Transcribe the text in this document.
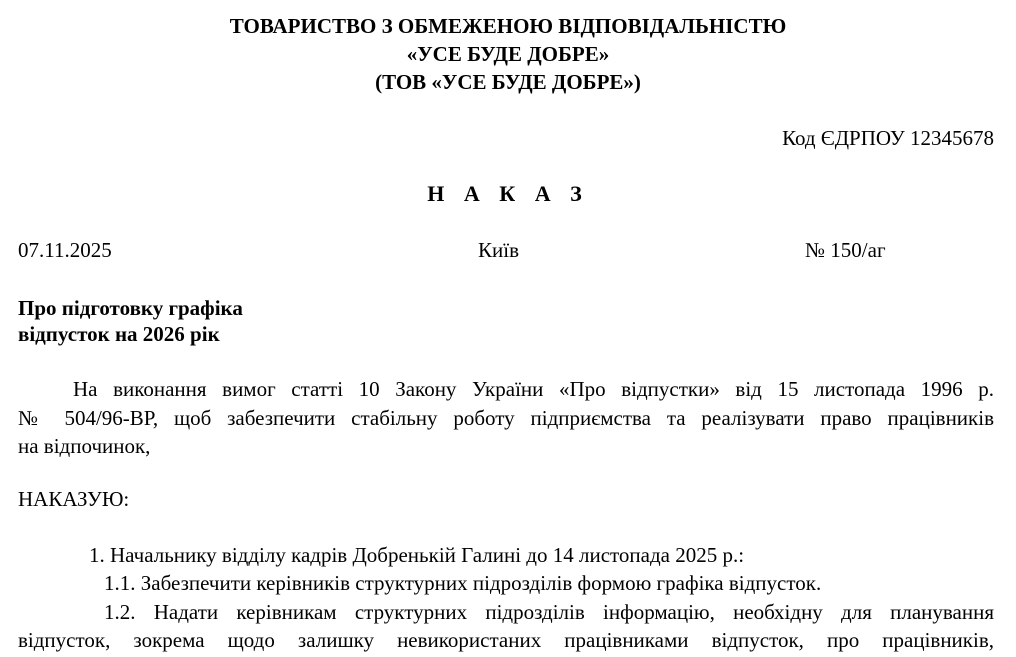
ТОВАРИСТВО З ОБМЕЖЕНОЮ ВІДПОВІДАЛЬНІСТЮ
«УСЕ БУДЕ ДОБРЕ»
(ТОВ «УСЕ БУДЕ ДОБРЕ»)
Код ЄДРПОУ 12345678
Н А К А З
07.11.2025	Київ	№ 150/аг
Про підготовку графіка
відпусток на 2026 рік
На виконання вимог статті 10 Закону України «Про відпустки» від 15 листопада 1996 р.
№ 504/96-ВР, щоб забезпечити стабільну роботу підприємства та реалізувати право працівників
на відпочинок,
НАКАЗУЮ:
1. Начальнику відділу кадрів Добренькій Галині до 14 листопада 2025 р.:
1.1. Забезпечити керівників структурних підрозділів формою графіка відпусток.
1.2. Надати керівникам структурних підрозділів інформацію, необхідну для планування
відпусток, зокрема щодо залишку невикористаних працівниками відпусток, про працівників,
